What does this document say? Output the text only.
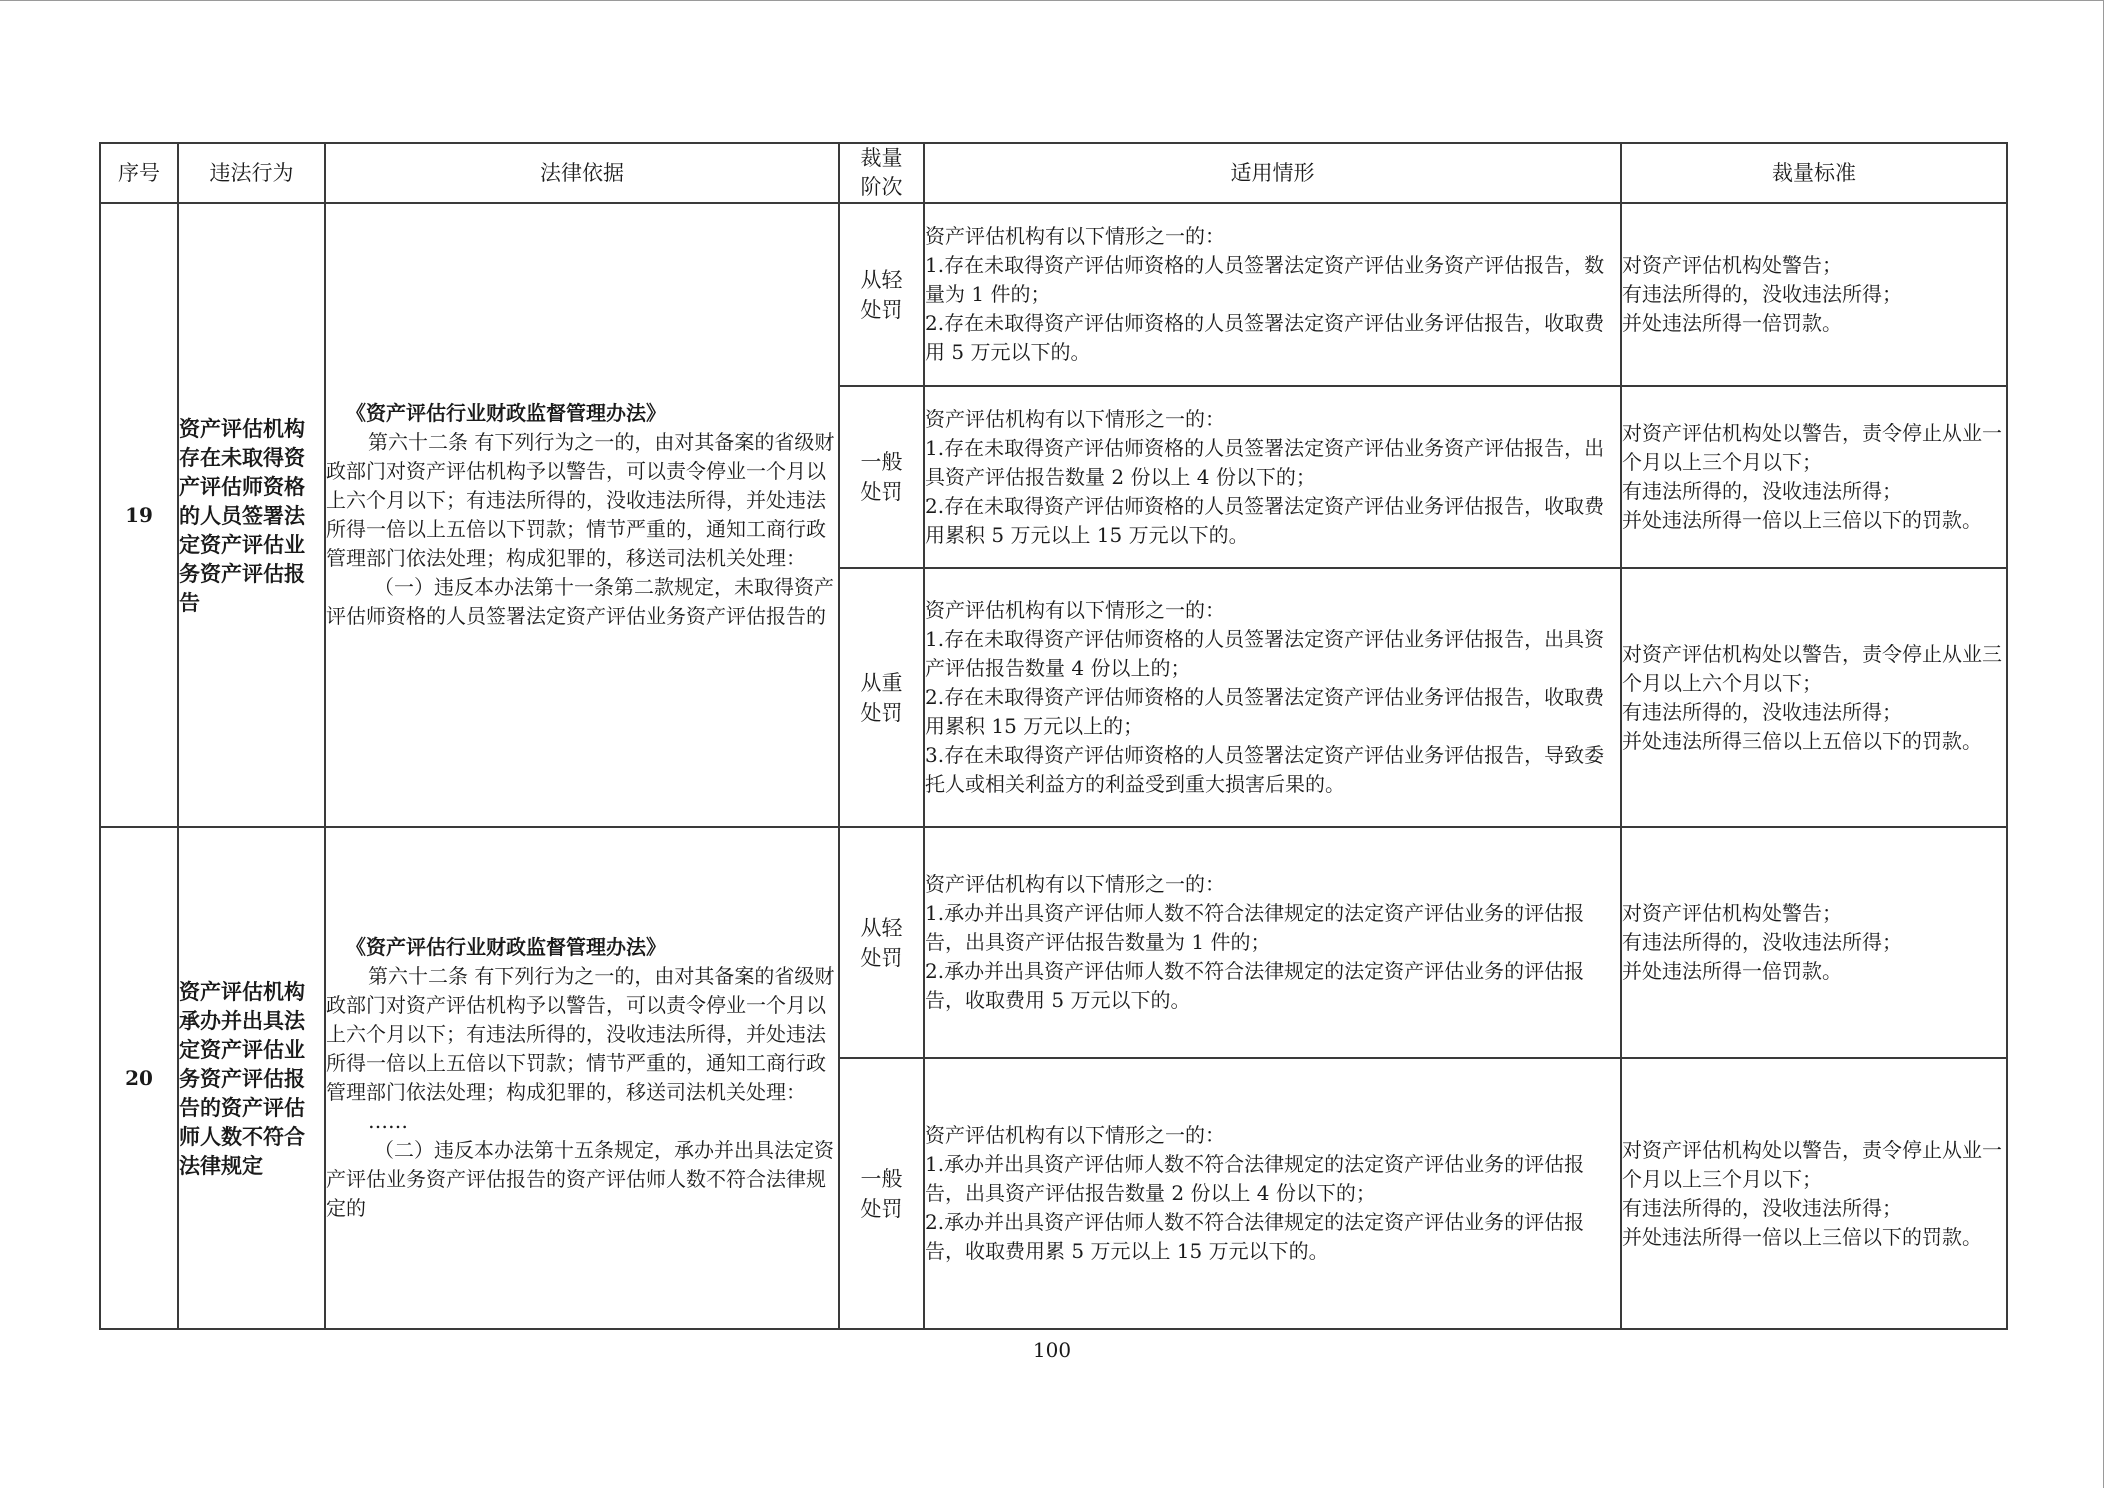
序号	违法行为	法律依据	裁量
阶次	适用情形	裁量标准
19	资产评估机构存在未取得资产评估师资格的人员签署法定资产评估业务资产评估报告	《资产评估行业财政监督管理办法》
第六十二条 有下列行为之一的，由对其备案的省级财政部门对资产评估机构予以警告，可以责令停业一个月以上六个月以下；有违法所得的，没收违法所得，并处违法所得一倍以上五倍以下罚款；情节严重的，通知工商行政管理部门依法处理；构成犯罪的，移送司法机关处理：
（一）违反本办法第十一条第二款规定，未取得资产评估师资格的人员签署法定资产评估业务资产评估报告的	从轻
处罚	资产评估机构有以下情形之一的：
1.存在未取得资产评估师资格的人员签署法定资产评估业务资产评估报告，数量为 1 件的；
2.存在未取得资产评估师资格的人员签署法定资产评估业务评估报告，收取费用 5 万元以下的。	对资产评估机构处警告；
有违法所得的，没收违法所得；
并处违法所得一倍罚款。

			一般
处罚	资产评估机构有以下情形之一的：
1.存在未取得资产评估师资格的人员签署法定资产评估业务资产评估报告，出具资产评估报告数量 2 份以上 4 份以下的；
2.存在未取得资产评估师资格的人员签署法定资产评估业务评估报告，收取费用累积 5 万元以上 15 万元以下的。	对资产评估机构处以警告，责令停止从业一个月以上三个月以下；
有违法所得的，没收违法所得；
并处违法所得一倍以上三倍以下的罚款。

			从重
处罚	资产评估机构有以下情形之一的：
1.存在未取得资产评估师资格的人员签署法定资产评估业务评估报告，出具资产评估报告数量 4 份以上的；
2.存在未取得资产评估师资格的人员签署法定资产评估业务评估报告，收取费用累积 15 万元以上的；
3.存在未取得资产评估师资格的人员签署法定资产评估业务评估报告，导致委托人或相关利益方的利益受到重大损害后果的。	对资产评估机构处以警告，责令停止从业三个月以上六个月以下；
有违法所得的，没收违法所得；
并处违法所得三倍以上五倍以下的罚款。

20	资产评估机构承办并出具法定资产评估业务资产评估报告的资产评估师人数不符合法律规定	《资产评估行业财政监督管理办法》
第六十二条 有下列行为之一的，由对其备案的省级财政部门对资产评估机构予以警告，可以责令停业一个月以上六个月以下；有违法所得的，没收违法所得，并处违法所得一倍以上五倍以下罚款；情节严重的，通知工商行政管理部门依法处理；构成犯罪的，移送司法机关处理：
……
（二）违反本办法第十五条规定，承办并出具法定资产评估业务资产评估报告的资产评估师人数不符合法律规定的	从轻
处罚	资产评估机构有以下情形之一的：
1.承办并出具资产评估师人数不符合法律规定的法定资产评估业务的评估报告，出具资产评估报告数量为 1 件的；
2.承办并出具资产评估师人数不符合法律规定的法定资产评估业务的评估报告，收取费用 5 万元以下的。	对资产评估机构处警告；
有违法所得的，没收违法所得；
并处违法所得一倍罚款。

			一般
处罚	资产评估机构有以下情形之一的：
1.承办并出具资产评估师人数不符合法律规定的法定资产评估业务的评估报告，出具资产评估报告数量 2 份以上 4 份以下的；
2.承办并出具资产评估师人数不符合法律规定的法定资产评估业务的评估报告，收取费用累 5 万元以上 15 万元以下的。	对资产评估机构处以警告，责令停止从业一个月以上三个月以下；
有违法所得的，没收违法所得；
并处违法所得一倍以上三倍以下的罚款。
100
